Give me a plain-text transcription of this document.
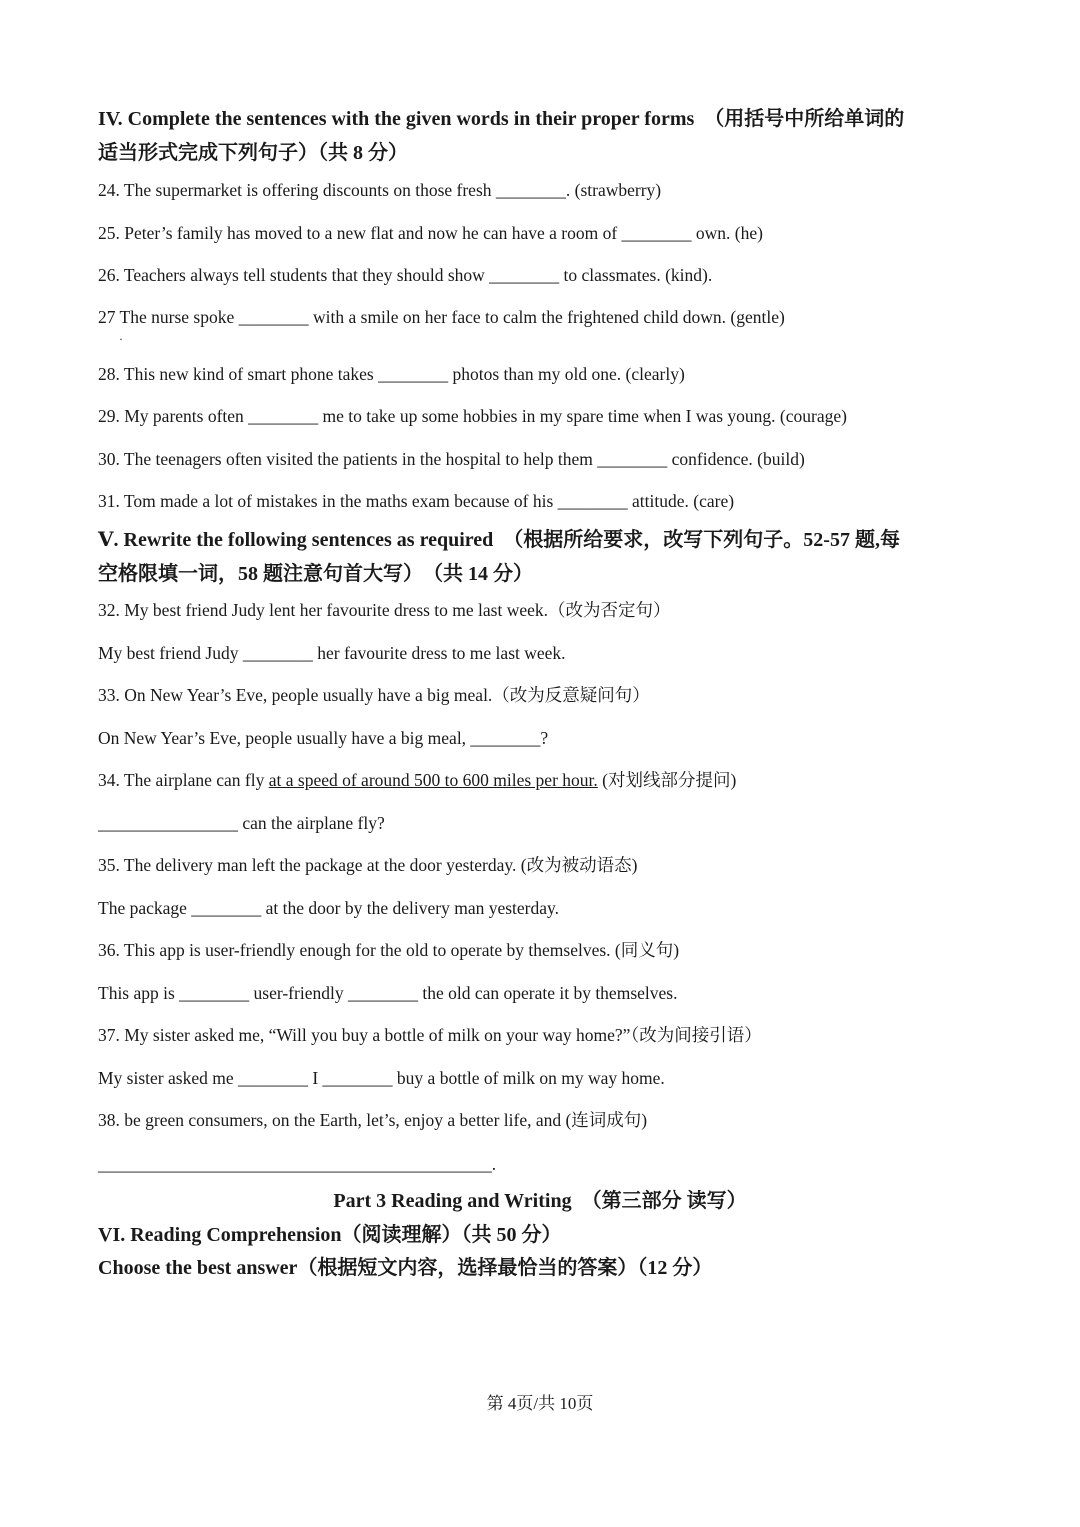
IV. Complete the sentences with the given words in their proper forms　（用括号中所给单词的
适当形式完成下列句子）（共 8 分）
24. The supermarket is offering discounts on those fresh ________. (strawberry)
25. Peter’s family has moved to a new flat and now he can have a room of ________ own. (he)
26. Teachers always tell students that they should show ________ to classmates. (kind).
27 The nurse spoke ________ with a smile on her face to calm the frightened child down. (gentle)
·
28. This new kind of smart phone takes ________ photos than my old one. (clearly)
29. My parents often ________ me to take up some hobbies in my spare time when I was young. (courage)
30. The teenagers often visited the patients in the hospital to help them ________ confidence. (build)
31. Tom made a lot of mistakes in the maths exam because of his ________ attitude. (care)
Ⅴ. Rewrite the following sentences as required　（根据所给要求，改写下列句子。52-57 题,每
空格限填一词，58 题注意句首大写）　（共 14 分）
32. My best friend Judy lent her favourite dress to me last week.（改为否定句）
My best friend Judy ________ her favourite dress to me last week.
33. On New Year’s Eve, people usually have a big meal.（改为反意疑问句）
On New Year’s Eve, people usually have a big meal, ________?
34. The airplane can fly at a speed of around 500 to 600 miles per hour. (对划线部分提问)
________________ can the airplane fly?
35. The delivery man left the package at the door yesterday. (改为被动语态)
The package ________ at the door by the delivery man yesterday.
36. This app is user-friendly enough for the old to operate by themselves. (同义句)
This app is ________ user-friendly ________ the old can operate it by themselves.
37. My sister asked me, “Will you buy a bottle of milk on your way home?”（改为间接引语）
My sister asked me ________ I ________ buy a bottle of milk on my way home.
38. be green consumers, on the Earth, let’s, enjoy a better life, and (连词成句)
_____________________________________________.
Part 3 Reading and Writing　（第三部分 读写）
VI. Reading Comprehension（阅读理解）（共 50 分）
Choose the best answer（根据短文内容，选择最恰当的答案）（12 分）
第 4页/共 10页
